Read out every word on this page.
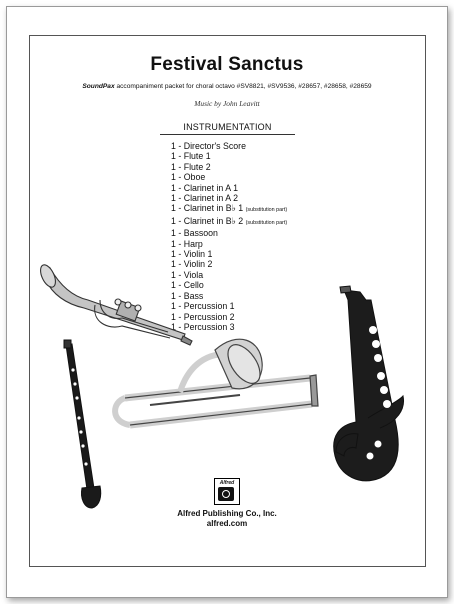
Festival Sanctus
SoundPax accompaniment packet for choral octavo #SV8821, #SV9536, #28657, #28658, #28659
Music by John Leavitt
INSTRUMENTATION
1 - Director's Score
1 - Flute 1
1 - Flute 2
1 - Oboe
1 - Clarinet in A 1
1 - Clarinet in A 2
1 - Clarinet in B♭ 1 (substitution part)
1 - Clarinet in B♭ 2 (substitution part)
1 - Bassoon
1 - Harp
1 - Violin 1
1 - Violin 2
1 - Viola
1 - Cello
1 - Bass
1 - Percussion 1
1 - Percussion 2
1 - Percussion 3
Alfred
Alfred Publishing Co., Inc.
alfred.com
